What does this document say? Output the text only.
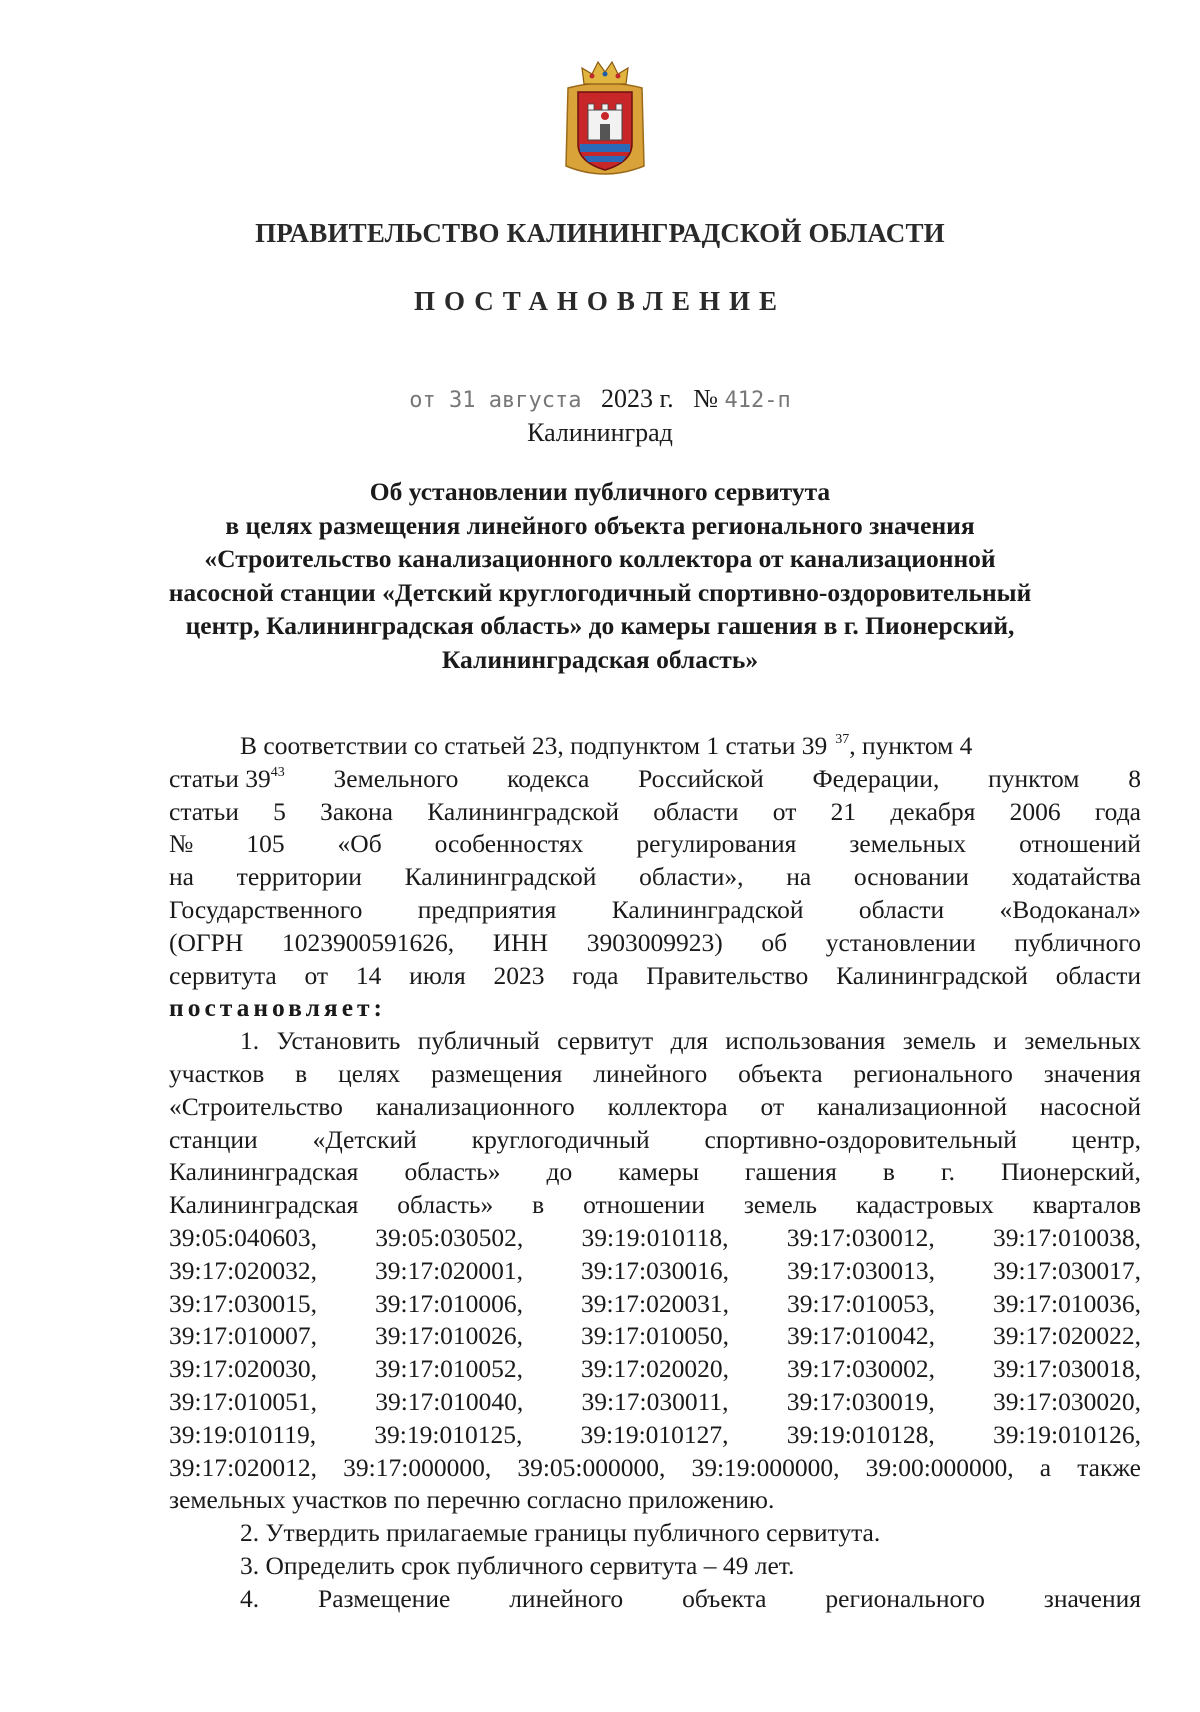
ПРАВИТЕЛЬСТВО КАЛИНИНГРАДСКОЙ ОБЛАСТИ
ПОСТАНОВЛЕНИЕ
от 31 августа 2023 г. № 412-п
Калининград
Об установлении публичного сервитута
в целях размещения линейного объекта регионального значения
«Строительство канализационного коллектора от канализационной
насосной станции «Детский круглогодичный спортивно-оздоровительный
центр, Калининградская область» до камеры гашения в г. Пионерский,
Калининградская область»
В соответствии со статьей 23, подпунктом 1 статьи 39 $^{37}$, пунктом 4
статьи $39^{43}$ Земельного кодекса Российской Федерации, пунктом 8
статьи 5 Закона Калининградской области от 21 декабря 2006 года
№ 105 «Об особенностях регулирования земельных отношений
на территории Калининградской области», на основании ходатайства
Государственного предприятия Калининградской области «Водоканал»
(ОГРН 1023900591626, ИНН 3903009923) об установлении публичного
сервитута от 14 июля 2023 года Правительство Калининградской области
постановляет:
1. Установить публичный сервитут для использования земель и земельных
участков в целях размещения линейного объекта регионального значения
«Строительство канализационного коллектора от канализационной насосной
станции «Детский круглогодичный спортивно-оздоровительный центр,
Калининградская область» до камеры гашения в г. Пионерский,
Калининградская область» в отношении земель кадастровых кварталов
39:05:040603, 39:05:030502, 39:19:010118, 39:17:030012, 39:17:010038,
39:17:020032, 39:17:020001, 39:17:030016, 39:17:030013, 39:17:030017,
39:17:030015, 39:17:010006, 39:17:020031, 39:17:010053, 39:17:010036,
39:17:010007, 39:17:010026, 39:17:010050, 39:17:010042, 39:17:020022,
39:17:020030, 39:17:010052, 39:17:020020, 39:17:030002, 39:17:030018,
39:17:010051, 39:17:010040, 39:17:030011, 39:17:030019, 39:17:030020,
39:19:010119, 39:19:010125, 39:19:010127, 39:19:010128, 39:19:010126,
39:17:020012, 39:17:000000, 39:05:000000, 39:19:000000, 39:00:000000, а также
земельных участков по перечню согласно приложению.
2. Утвердить прилагаемые границы публичного сервитута.
3. Определить срок публичного сервитута – 49 лет.
4. Размещение линейного объекта регионального значения
